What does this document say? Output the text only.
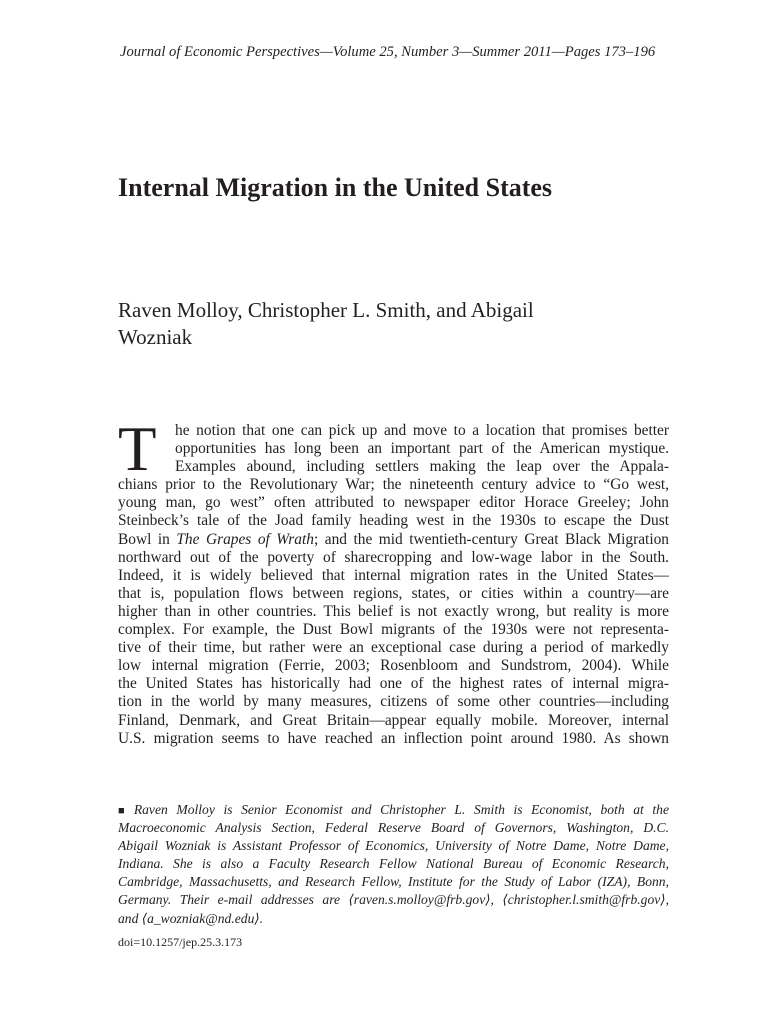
Journal of Economic Perspectives—Volume 25, Number 3—Summer 2011—Pages 173–196
Internal Migration in the United States
Raven Molloy, Christopher L. Smith, and Abigail
Wozniak
T	he notion that one can pick up and move to a location that promises better
opportunities has long been an important part of the American mystique.
Examples abound, including settlers making the leap over the Appala-
chians prior to the Revolutionary War; the nineteenth century advice to “Go west,
young man, go west” often attributed to newspaper editor Horace Greeley; John
Steinbeck’s tale of the Joad family heading west in the 1930s to escape the Dust
Bowl in The Grapes of Wrath; and the mid twentieth-century Great Black Migration
northward out of the poverty of sharecropping and low-wage labor in the South.
Indeed, it is widely believed that internal migration rates in the United States—
that is, population flows between regions, states, or cities within a country—are
higher than in other countries. This belief is not exactly wrong, but reality is more
complex. For example, the Dust Bowl migrants of the 1930s were not representa-
tive of their time, but rather were an exceptional case during a period of markedly
low internal migration (Ferrie, 2003; Rosenbloom and Sundstrom, 2004). While
the United States has historically had one of the highest rates of internal migra-
tion in the world by many measures, citizens of some other countries—including
Finland, Denmark, and Great Britain—appear equally mobile. Moreover, internal
U.S. migration seems to have reached an inflection point around 1980. As shown
■ Raven Molloy is Senior Economist and Christopher L. Smith is Economist, both at the
Macroeconomic Analysis Section, Federal Reserve Board of Governors, Washington, D.C.
Abigail Wozniak is Assistant Professor of Economics, University of Notre Dame, Notre Dame,
Indiana. She is also a Faculty Research Fellow National Bureau of Economic Research,
Cambridge, Massachusetts, and Research Fellow, Institute for the Study of Labor (IZA), Bonn,
Germany. Their e-mail addresses are ⟨raven.s.molloy@frb.gov⟩, ⟨christopher.l.smith@frb.gov⟩,
and ⟨a_wozniak@nd.edu⟩.
doi=10.1257/jep.25.3.173
